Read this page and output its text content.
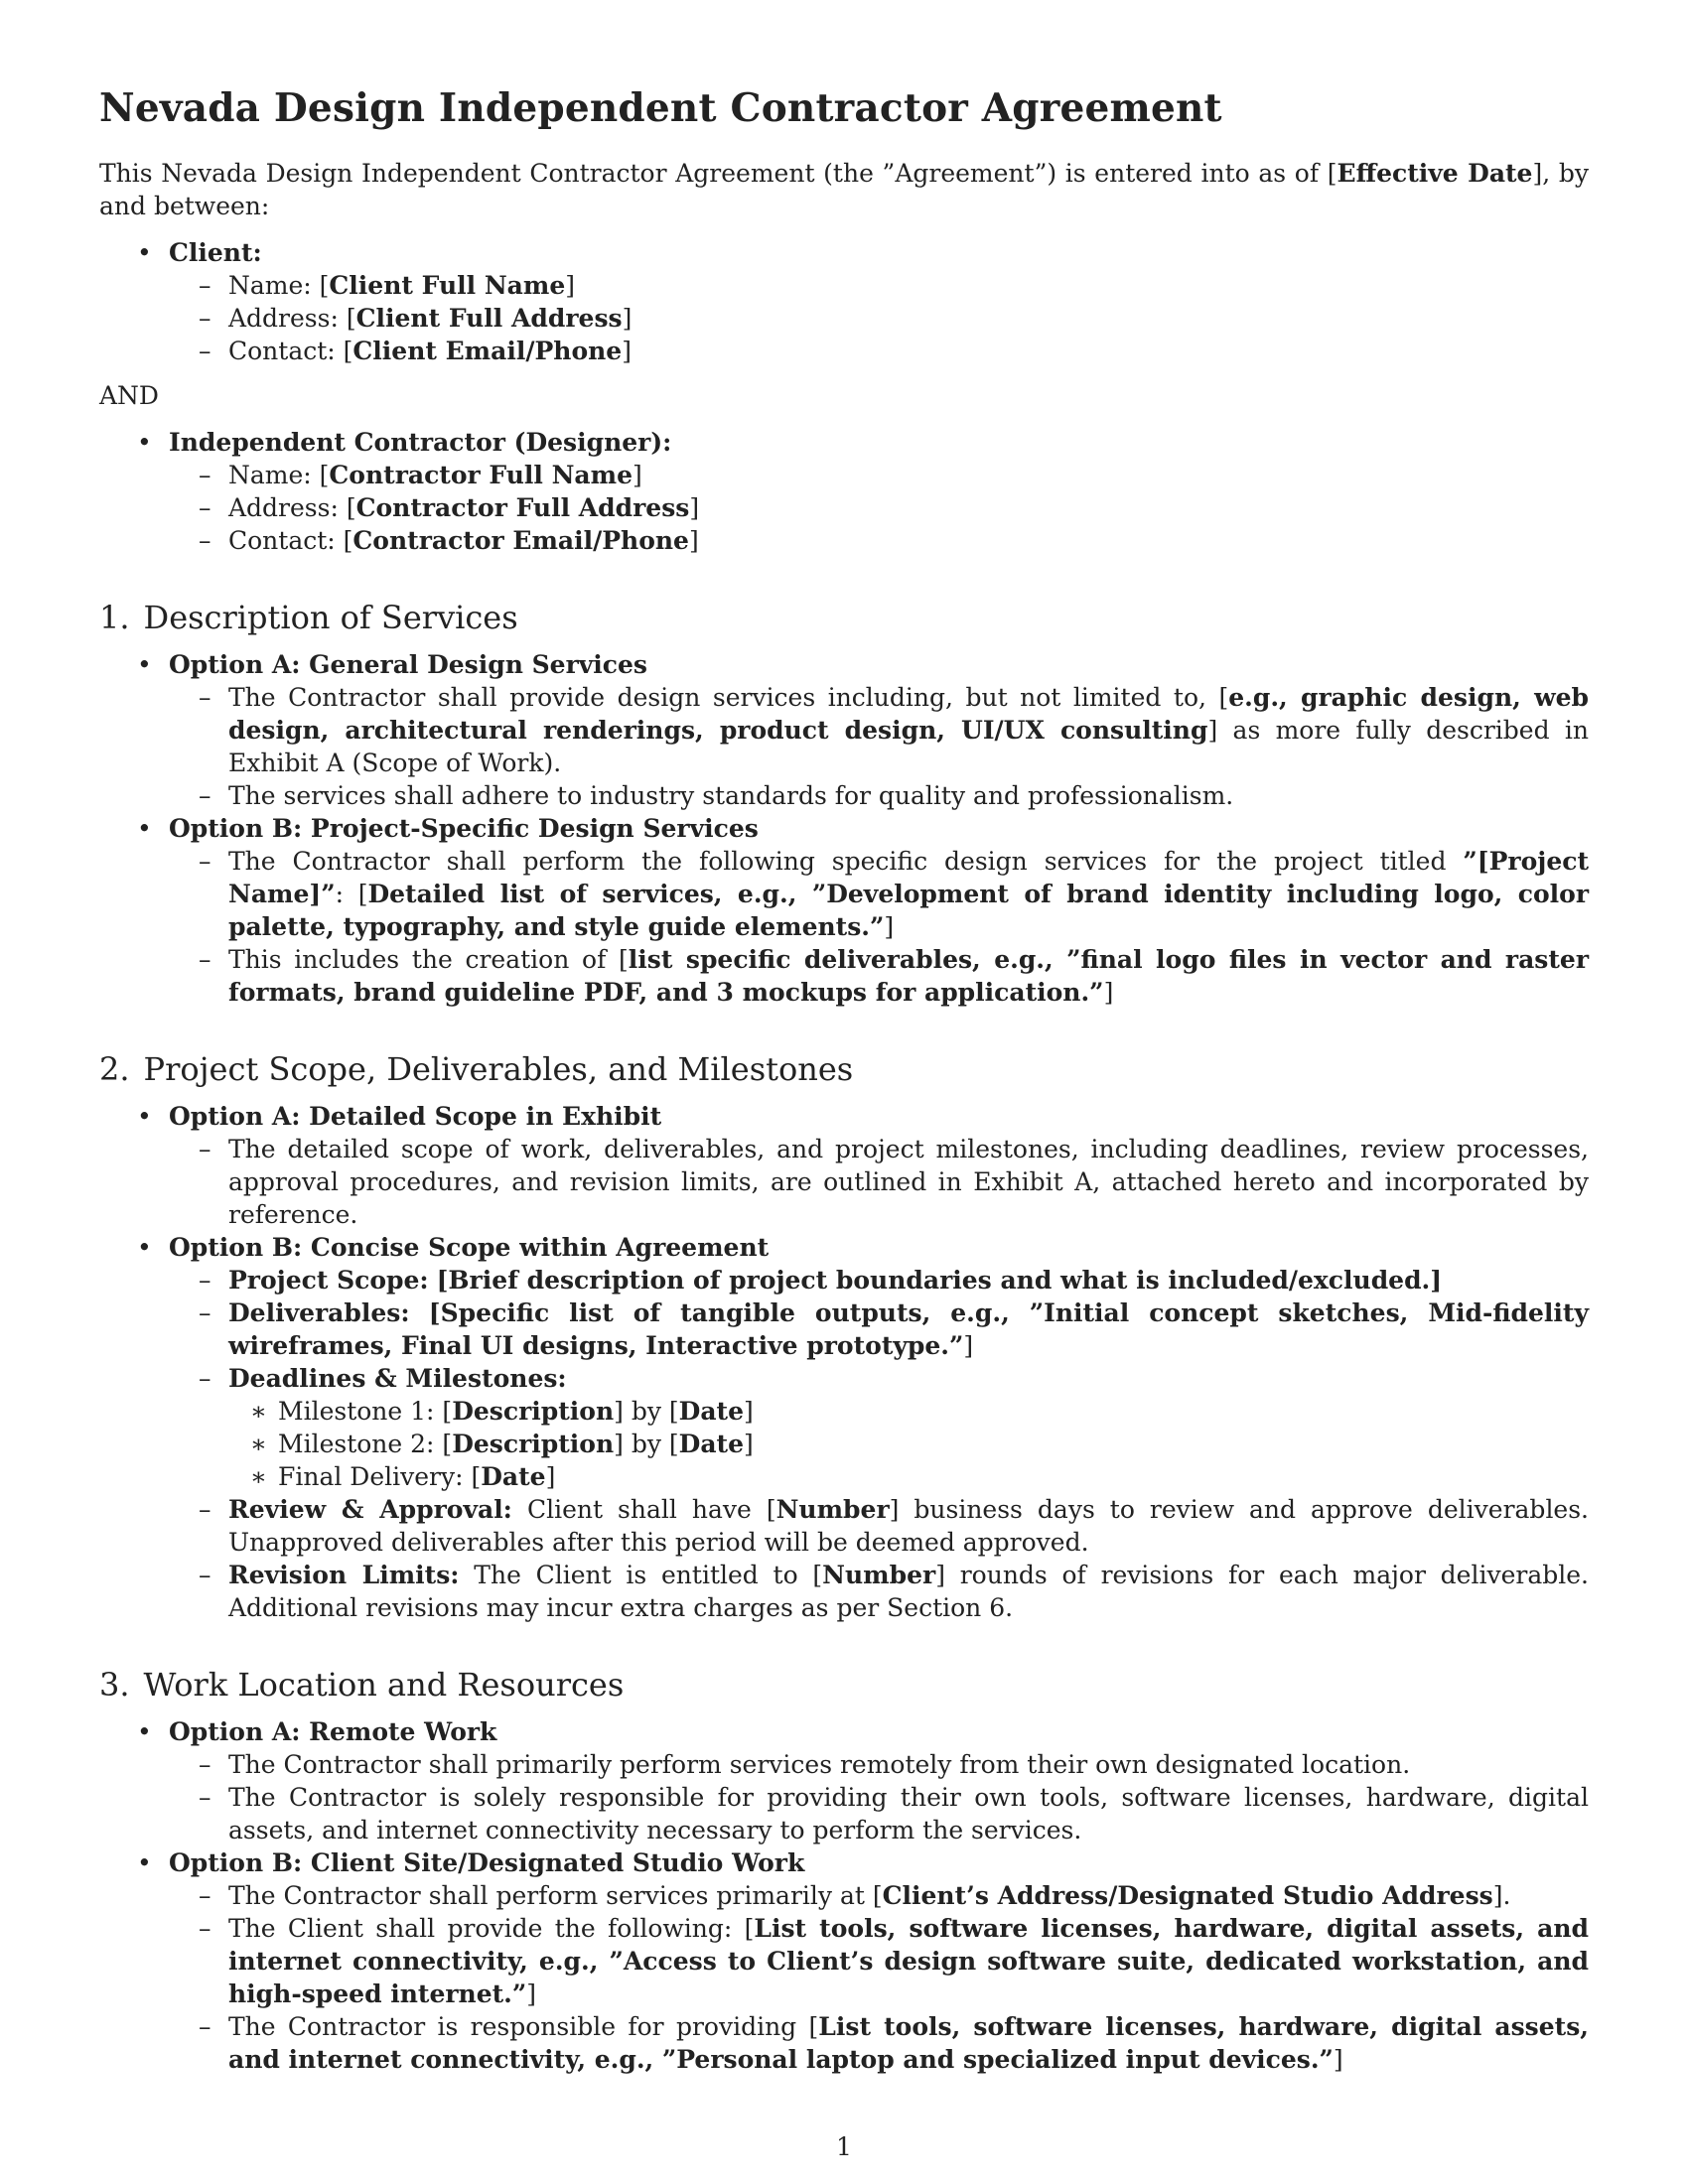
Nevada Design Independent Contractor Agreement

This Nevada Design Independent Contractor Agreement (the ”Agreement”) is entered into as of [Effective Date], by and between:

• Client:
– Name: [Client Full Name]
– Address: [Client Full Address]
– Contact: [Client Email/Phone]

AND

• Independent Contractor (Designer):
– Name: [Contractor Full Name]
– Address: [Contractor Full Address]
– Contact: [Contractor Email/Phone]
1. Description of Services
• Option A: General Design Services
– The Contractor shall provide design services including, but not limited to, [e.g., graphic design, web design, architectural renderings, product design, UI/UX consulting] as more fully described in Exhibit A (Scope of Work).
– The services shall adhere to industry standards for quality and professionalism.
• Option B: Project-Specific Design Services
– The Contractor shall perform the following specific design services for the project titled ”[Project Name]”: [Detailed list of services, e.g., ”Development of brand identity including logo, color palette, typography, and style guide elements.”]
– This includes the creation of [list specific deliverables, e.g., ”final logo files in vector and raster formats, brand guideline PDF, and 3 mockups for application.”]
2. Project Scope, Deliverables, and Milestones
• Option A: Detailed Scope in Exhibit
– The detailed scope of work, deliverables, and project milestones, including deadlines, review processes, approval procedures, and revision limits, are outlined in Exhibit A, attached hereto and incorporated by reference.
• Option B: Concise Scope within Agreement
– Project Scope: [Brief description of project boundaries and what is included/excluded.]
– Deliverables: [Specific list of tangible outputs, e.g., ”Initial concept sketches, Mid-fidelity wireframes, Final UI designs, Interactive prototype.”]
– Deadlines & Milestones:
∗ Milestone 1: [Description] by [Date]
∗ Milestone 2: [Description] by [Date]
∗ Final Delivery: [Date]
– Review & Approval: Client shall have [Number] business days to review and approve deliverables. Unapproved deliverables after this period will be deemed approved.
– Revision Limits: The Client is entitled to [Number] rounds of revisions for each major deliverable. Additional revisions may incur extra charges as per Section 6.
3. Work Location and Resources
• Option A: Remote Work
– The Contractor shall primarily perform services remotely from their own designated location.
– The Contractor is solely responsible for providing their own tools, software licenses, hardware, digital assets, and internet connectivity necessary to perform the services.
• Option B: Client Site/Designated Studio Work
– The Contractor shall perform services primarily at [Client’s Address/Designated Studio Address].
– The Client shall provide the following: [List tools, software licenses, hardware, digital assets, and internet connectivity, e.g., ”Access to Client’s design software suite, dedicated workstation, and high-speed internet.”]
– The Contractor is responsible for providing [List tools, software licenses, hardware, digital assets, and internet connectivity, e.g., ”Personal laptop and specialized input devices.”]
1
